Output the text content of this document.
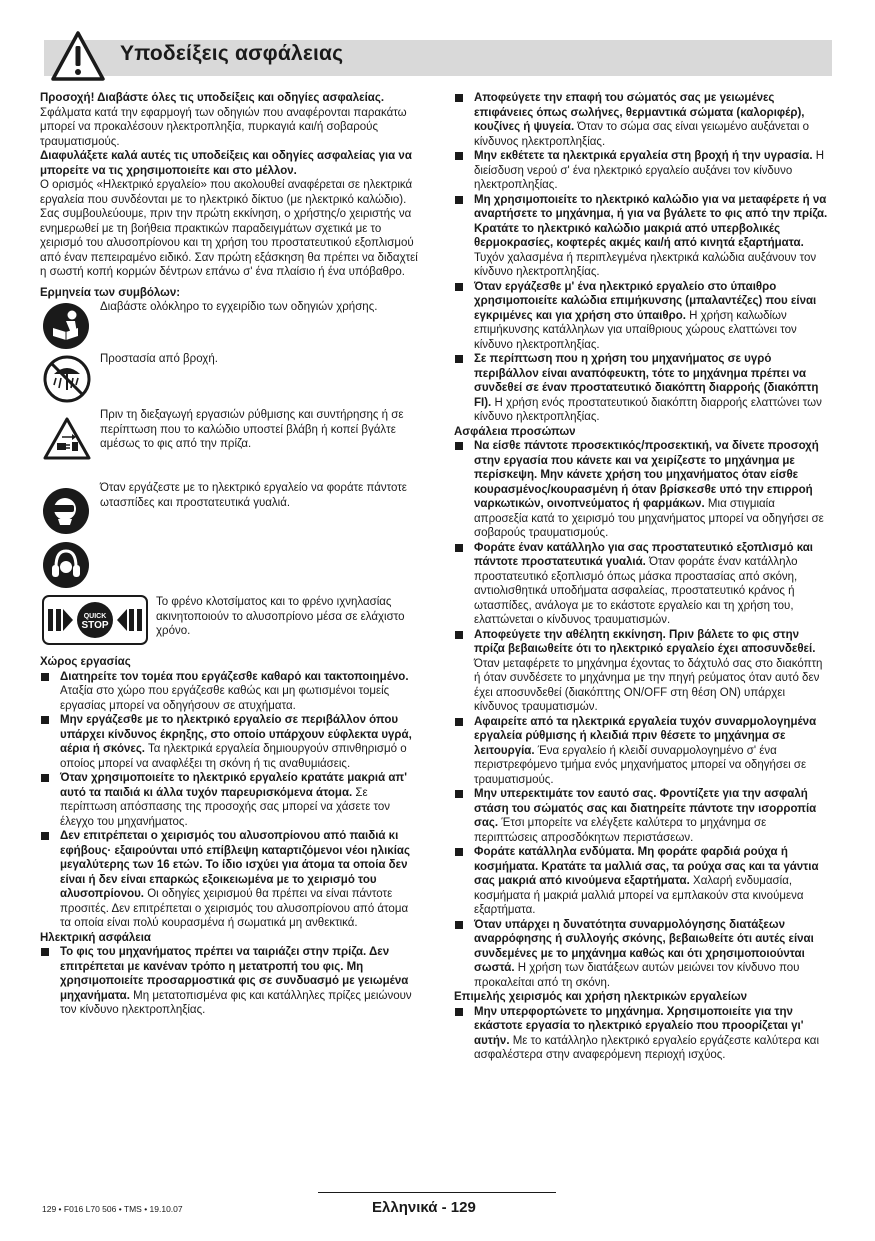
Υποδείξεις ασφάλειας

Προσοχή! Διαβάστε όλες τις υποδείξεις και οδηγίες ασφαλείας. Σφάλματα κατά την εφαρμογή των οδηγιών που αναφέρονται παρακάτω μπορεί να προκαλέσουν ηλεκτροπληξία, πυρκαγιά και/ή σοβαρούς τραυματισμούς.

Διαφυλάξετε καλά αυτές τις υποδείξεις και οδηγίες ασφαλείας για να μπορείτε να τις χρησιμοποιείτε και στο μέλλον.

Ο ορισμός «Ηλεκτρικό εργαλείο» που ακολουθεί αναφέρεται σε ηλεκτρικά εργαλεία που συνδέονται με το ηλεκτρικό δίκτυο (με ηλεκτρικό καλώδιο).

Σας συμβουλεύουμε, πριν την πρώτη εκκίνηση, ο χρήστης/ο χειριστής να ενημερωθεί με τη βοήθεια πρακτικών παραδειγμάτων σχετικά με το χειρισμό του αλυσοπρίονου και τη χρήση του προστατευτικού εξοπλισμού από έναν πεπειραμένο ειδικό. Σαν πρώτη εξάσκηση θα πρέπει να διδαχτεί η σωστή κοπή κορμών δέντρων επάνω σ' ένα πλαίσιο ή ένα υπόβαθρο.

Ερμηνεία των συμβόλων:

Διαβάστε ολόκληρο το εγχειρίδιο των οδηγιών χρήσης.
Προστασία από βροχή.
Πριν τη διεξαγωγή εργασιών ρύθμισης και συντήρησης ή σε περίπτωση που το καλώδιο υποστεί βλάβη ή κοπεί βγάλτε αμέσως το φις από την πρίζα.
Όταν εργάζεστε με το ηλεκτρικό εργαλείο να φοράτε πάντοτε ωτασπίδες και προστατευτικά γυαλιά.
QUICK
STOP
Το φρένο κλοτσίματος και το φρένο ιχνηλασίας ακινητοποιούν το αλυσοπρίονο μέσα σε ελάχιστο χρόνο.

Χώρος εργασίας

Διατηρείτε τον τομέα που εργάζεσθε καθαρό και τακτοποιημένο. Αταξία στο χώρο που εργάζεσθε καθώς και μη φωτισμένοι τομείς εργασίας μπορεί να οδηγήσουν σε ατυχήματα.
Μην εργάζεσθε με το ηλεκτρικό εργαλείο σε περιβάλλον όπου υπάρχει κίνδυνος έκρηξης, στο οποίο υπάρχουν εύφλεκτα υγρά, αέρια ή σκόνες. Τα ηλεκτρικά εργαλεία δημιουργούν σπινθηρισμό ο οποίος μπορεί να αναφλέξει τη σκόνη ή τις αναθυμιάσεις.
Όταν χρησιμοποιείτε το ηλεκτρικό εργαλείο κρατάτε μακριά απ' αυτό τα παιδιά κι άλλα τυχόν παρευρισκόμενα άτομα. Σε περίπτωση απόσπασης της προσοχής σας μπορεί να χάσετε τον έλεγχο του μηχανήματος.
Δεν επιτρέπεται ο χειρισμός του αλυσοπρίονου από παιδιά κι εφήβους· εξαιρούνται υπό επίβλεψη καταρτιζόμενοι νέοι ηλικίας μεγαλύτερης των 16 ετών. Το ίδιο ισχύει για άτομα τα οποία δεν είναι ή δεν είναι επαρκώς εξοικειωμένα με το χειρισμό του αλυσοπρίονου. Οι οδηγίες χειρισμού θα πρέπει να είναι πάντοτε προσιτές. Δεν επιτρέπεται ο χειρισμός του αλυσοπρίονου από άτομα τα οποία είναι πολύ κουρασμένα ή σωματικά μη ανθεκτικά.

Ηλεκτρική ασφάλεια

Το φις του μηχανήματος πρέπει να ταιριάζει στην πρίζα. Δεν επιτρέπεται με κανέναν τρόπο η μετατροπή του φις. Μη χρησιμοποιείτε προσαρμοστικά φις σε συνδυασμό με γειωμένα μηχανήματα. Μη μετατοπισμένα φις και κατάλληλες πρίζες μειώνουν τον κίνδυνο ηλεκτροπληξίας.
Αποφεύγετε την επαφή του σώματός σας με γειωμένες επιφάνειες όπως σωλήνες, θερμαντικά σώματα (καλοριφέρ), κουζίνες ή ψυγεία. Όταν το σώμα σας είναι γειωμένο αυξάνεται ο κίνδυνος ηλεκτροπληξίας.
Μην εκθέτετε τα ηλεκτρικά εργαλεία στη βροχή ή την υγρασία. Η διείσδυση νερού σ' ένα ηλεκτρικό εργαλείο αυξάνει τον κίνδυνο ηλεκτροπληξίας.
Μη χρησιμοποιείτε το ηλεκτρικό καλώδιο για να μεταφέρετε ή να αναρτήσετε το μηχάνημα, ή για να βγάλετε το φις από την πρίζα. Κρατάτε το ηλεκτρικό καλώδιο μακριά από υπερβολικές θερμοκρασίες, κοφτερές ακμές και/ή από κινητά εξαρτήματα. Τυχόν χαλασμένα ή περιπλεγμένα ηλεκτρικά καλώδια αυξάνουν τον κίνδυνο ηλεκτροπληξίας.
Όταν εργάζεσθε μ' ένα ηλεκτρικό εργαλείο στο ύπαιθρο χρησιμοποιείτε καλώδια επιμήκυνσης (μπαλαντέζες) που είναι εγκριμένες και για χρήση στο ύπαιθρο. Η χρήση καλωδίων επιμήκυνσης κατάλληλων για υπαίθριους χώρους ελαττώνει τον κίνδυνο ηλεκτροπληξίας.
Σε περίπτωση που η χρήση του μηχανήματος σε υγρό περιβάλλον είναι αναπόφευκτη, τότε το μηχάνημα πρέπει να συνδεθεί σε έναν προστατευτικό διακόπτη διαρροής (διακόπτη FI). Η χρήση ενός προστατευτικού διακόπτη διαρροής ελαττώνει των κίνδυνο ηλεκτροπληξίας.

Ασφάλεια προσώπων

Να είσθε πάντοτε προσεκτικός/προσεκτική, να δίνετε προσοχή στην εργασία που κάνετε και να χειρίζεστε το μηχάνημα με περίσκεψη. Μην κάνετε χρήση του μηχανήματος όταν είσθε κουρασμένος/κουρασμένη ή όταν βρίσκεσθε υπό την επιρροή ναρκωτικών, οινοπνεύματος ή φαρμάκων. Μια στιγμιαία απροσεξία κατά το χειρισμό του μηχανήματος μπορεί να οδηγήσει σε σοβαρούς τραυματισμούς.
Φοράτε έναν κατάλληλο για σας προστατευτικό εξοπλισμό και πάντοτε προστατευτικά γυαλιά. Όταν φοράτε έναν κατάλληλο προστατευτικό εξοπλισμό όπως μάσκα προστασίας από σκόνη, αντιολισθητικά υποδήματα ασφαλείας, προστατευτικό κράνος ή ωτασπίδες, ανάλογα με το εκάστοτε εργαλείο και τη χρήση του, ελαττώνεται ο κίνδυνος τραυματισμών.
Αποφεύγετε την αθέλητη εκκίνηση. Πριν βάλετε το φις στην πρίζα βεβαιωθείτε ότι το ηλεκτρικό εργαλείο έχει αποσυνδεθεί. Όταν μεταφέρετε το μηχάνημα έχοντας το δάχτυλό σας στο διακόπτη ή όταν συνδέσετε το μηχάνημα με την πηγή ρεύματος όταν αυτό δεν έχει αποσυνδεθεί (διακόπτης ON/OFF στη θέση ON) υπάρχει κίνδυνος τραυματισμών.
Αφαιρείτε από τα ηλεκτρικά εργαλεία τυχόν συναρμολογημένα εργαλεία ρύθμισης ή κλειδιά πριν θέσετε το μηχάνημα σε λειτουργία. Ένα εργαλείο ή κλειδί συναρμολογημένο σ' ένα περιστρεφόμενο τμήμα ενός μηχανήματος μπορεί να οδηγήσει σε τραυματισμούς.
Μην υπερεκτιμάτε τον εαυτό σας. Φροντίζετε για την ασφαλή στάση του σώματός σας και διατηρείτε πάντοτε την ισορροπία σας. Έτσι μπορείτε να ελέγξετε καλύτερα το μηχάνημα σε περιπτώσεις απροσδόκητων περιστάσεων.
Φοράτε κατάλληλα ενδύματα. Μη φοράτε φαρδιά ρούχα ή κοσμήματα. Κρατάτε τα μαλλιά σας, τα ρούχα σας και τα γάντια σας μακριά από κινούμενα εξαρτήματα. Χαλαρή ενδυμασία, κοσμήματα ή μακριά μαλλιά μπορεί να εμπλακούν στα κινούμενα εξαρτήματα.
Όταν υπάρχει η δυνατότητα συναρμολόγησης διατάξεων αναρρόφησης ή συλλογής σκόνης, βεβαιωθείτε ότι αυτές είναι συνδεμένες με το μηχάνημα καθώς και ότι χρησιμοποιούνται σωστά. Η χρήση των διατάξεων αυτών μειώνει τον κίνδυνο που προκαλείται από τη σκόνη.

Επιμελής χειρισμός και χρήση ηλεκτρικών εργαλείων

Μην υπερφορτώνετε το μηχάνημα. Χρησιμοποιείτε για την εκάστοτε εργασία το ηλεκτρικό εργαλείο που προορίζεται γι' αυτήν. Με το κατάλληλο ηλεκτρικό εργαλείο εργάζεστε καλύτερα και ασφαλέστερα στην αναφερόμενη περιοχή ισχύος.
129 • F016 L70 506 • TMS • 19.10.07	Ελληνικά - 129
